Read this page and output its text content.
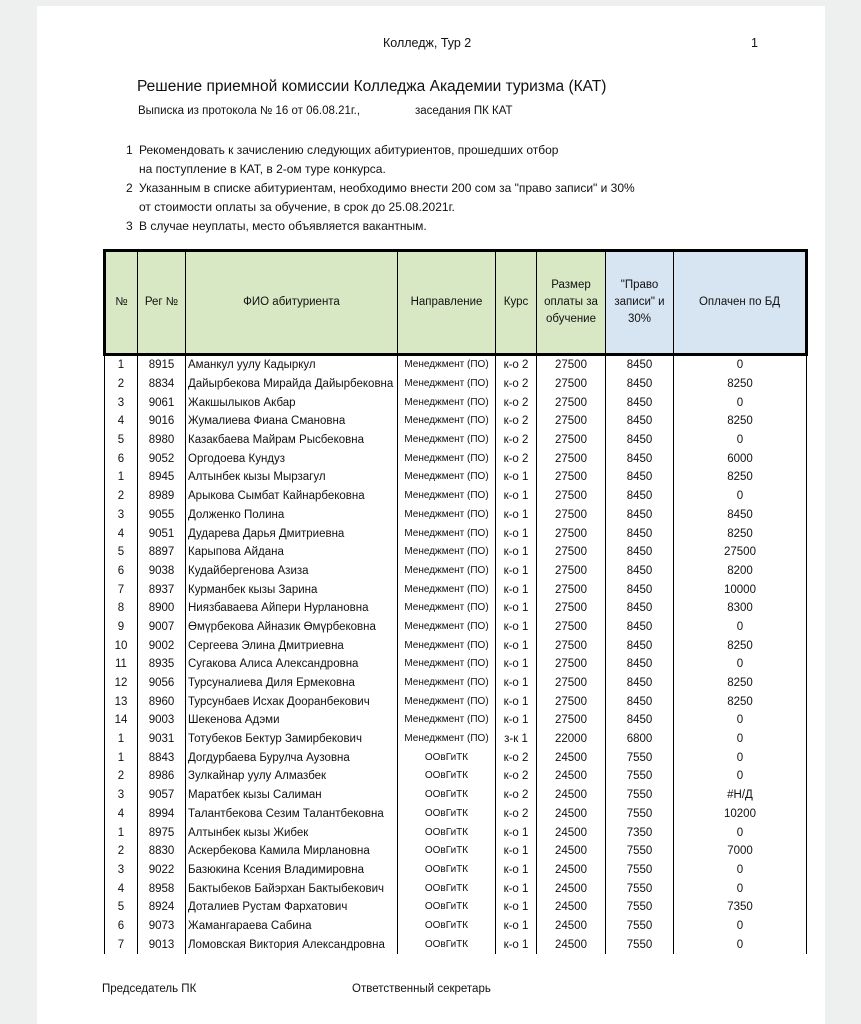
Колледж, Тур 2	1
Решение приемной комиссии Колледжа Академии туризма (КАТ)
Выписка из протокола № 16 от 06.08.21г.,	заседания ПК КАТ
1 Рекомендовать к зачислению следующих абитуриентов, прошедших отбор
на поступление в КАТ, в 2-ом туре конкурса.
2 Указанным в списке абитуриентам, необходимо внести 200 сом за "право записи" и 30%
от стоимости оплаты за обучение, в срок до 25.08.2021г.
3 В случае неуплаты, место объявляется вакантным.
№	Рег №	ФИО абитуриента	Направление	Курс	Размер оплаты за обучение	"Право записи" и 30%	Оплачен по БД
1	8915	Аманкул уулу Кадыркул	Менеджмент (ПО)	к-о 2	27500	8450	0
2	8834	Дайырбекова Мирайда Дайырбековна	Менеджмент (ПО)	к-о 2	27500	8450	8250
3	9061	Жакшылыков Акбар	Менеджмент (ПО)	к-о 2	27500	8450	0
4	9016	Жумалиева Фиана Смановна	Менеджмент (ПО)	к-о 2	27500	8450	8250
5	8980	Казакбаева Майрам Рысбековна	Менеджмент (ПО)	к-о 2	27500	8450	0
6	9052	Оргодоева Кундуз	Менеджмент (ПО)	к-о 2	27500	8450	6000
1	8945	Алтынбек кызы Мырзагул	Менеджмент (ПО)	к-о 1	27500	8450	8250
2	8989	Арыкова Сымбат Кайнарбековна	Менеджмент (ПО)	к-о 1	27500	8450	0
3	9055	Долженко Полина	Менеджмент (ПО)	к-о 1	27500	8450	8450
4	9051	Дударева Дарья Дмитриевна	Менеджмент (ПО)	к-о 1	27500	8450	8250
5	8897	Карыпова Айдана	Менеджмент (ПО)	к-о 1	27500	8450	27500
6	9038	Кудайбергенова Азиза	Менеджмент (ПО)	к-о 1	27500	8450	8200
7	8937	Курманбек кызы Зарина	Менеджмент (ПО)	к-о 1	27500	8450	10000
8	8900	Ниязбаваева Айпери Нурлановна	Менеджмент (ПО)	к-о 1	27500	8450	8300
9	9007	Өмүрбекова Айназик Өмүрбековна	Менеджмент (ПО)	к-о 1	27500	8450	0
10	9002	Сергеева Элина Дмитриевна	Менеджмент (ПО)	к-о 1	27500	8450	8250
11	8935	Сугакова Алиса Александровна	Менеджмент (ПО)	к-о 1	27500	8450	0
12	9056	Турсуналиева Диля Ермековна	Менеджмент (ПО)	к-о 1	27500	8450	8250
13	8960	Турсунбаев Исхак Дооранбекович	Менеджмент (ПО)	к-о 1	27500	8450	8250
14	9003	Шекенова Адэми	Менеджмент (ПО)	к-о 1	27500	8450	0
1	9031	Тотубеков Бектур Замирбекович	Менеджмент (ПО)	з-к 1	22000	6800	0
1	8843	Догдурбаева Бурулча Аузовна	ООвГиТК	к-о 2	24500	7550	0
2	8986	Зулкайнар уулу Алмазбек	ООвГиТК	к-о 2	24500	7550	0
3	9057	Маратбек кызы Салиман	ООвГиТК	к-о 2	24500	7550	#Н/Д
4	8994	Талантбекова Сезим Талантбековна	ООвГиТК	к-о 2	24500	7550	10200
1	8975	Алтынбек кызы Жибек	ООвГиТК	к-о 1	24500	7350	0
2	8830	Аскербекова Камила Мирлановна	ООвГиТК	к-о 1	24500	7550	7000
3	9022	Базюкина Ксения Владимировна	ООвГиТК	к-о 1	24500	7550	0
4	8958	Бактыбеков Байэрхан Бактыбекович	ООвГиТК	к-о 1	24500	7550	0
5	8924	Доталиев Рустам Фархатович	ООвГиТК	к-о 1	24500	7550	7350
6	9073	Жамангараева Сабина	ООвГиТК	к-о 1	24500	7550	0
7	9013	Ломовская Виктория Александровна	ООвГиТК	к-о 1	24500	7550	0
Председатель ПК	Ответственный секретарь
